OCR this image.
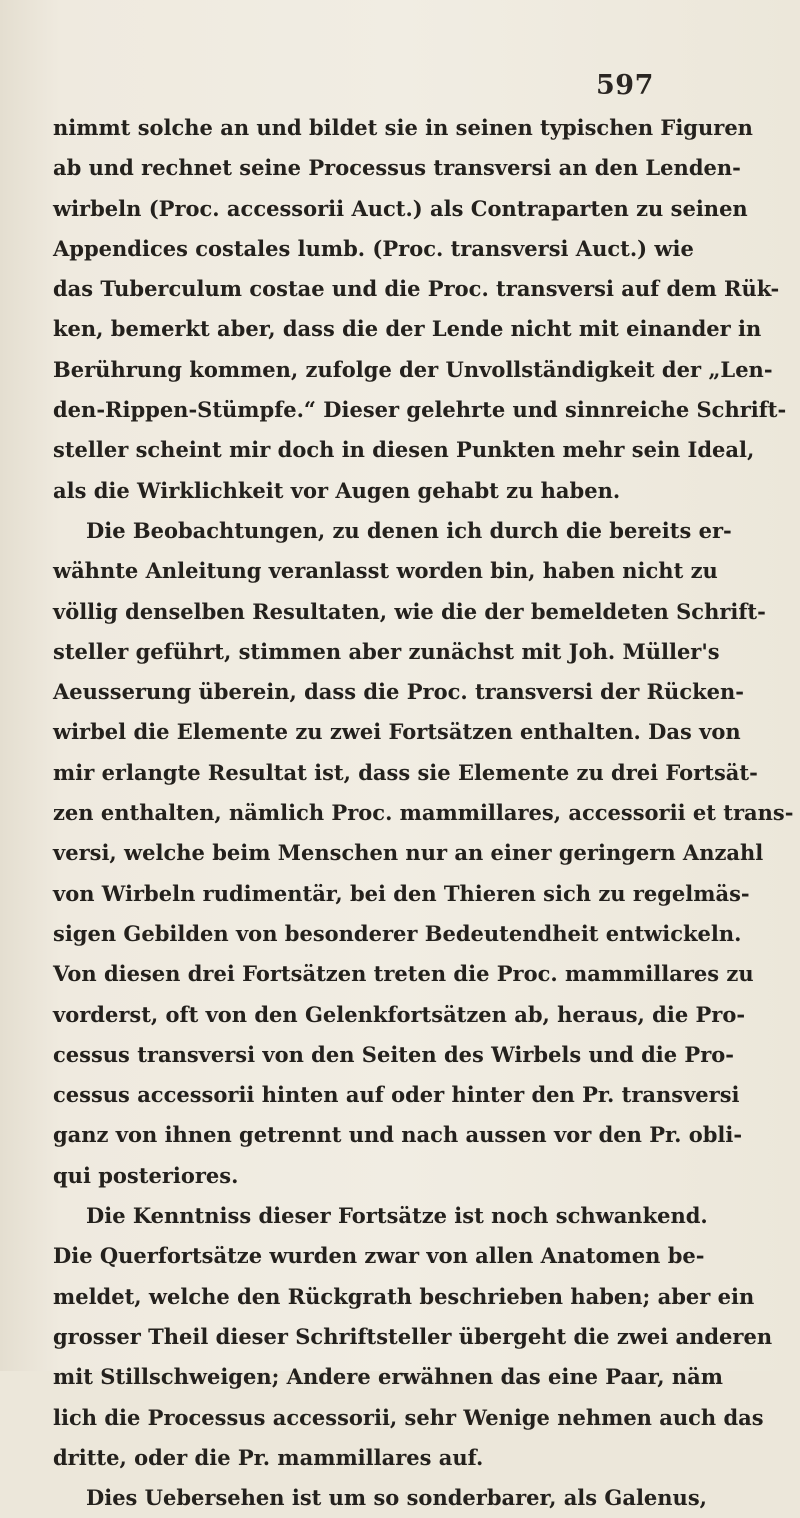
597
nimmt solche an und bildet sie in seinen typischen Figuren
ab und rechnet seine Processus transversi an den Lenden-
wirbeln (Proc. accessorii Auct.) als Contraparten zu seinen
Appendices costales lumb. (Proc. transversi Auct.) wie
das Tuberculum costae und die Proc. transversi auf dem Rük-
ken, bemerkt aber, dass die der Lende nicht mit einander in
Berührung kommen, zufolge der Unvollständigkeit der „Len-
den-Rippen-Stümpfe.“ Dieser gelehrte und sinnreiche Schrift-
steller scheint mir doch in diesen Punkten mehr sein Ideal,
als die Wirklichkeit vor Augen gehabt zu haben.
Die Beobachtungen, zu denen ich durch die bereits er-
wähnte Anleitung veranlasst worden bin, haben nicht zu
völlig denselben Resultaten, wie die der bemeldeten Schrift-
steller geführt, stimmen aber zunächst mit Joh. Müller's
Aeusserung überein, dass die Proc. transversi der Rücken-
wirbel die Elemente zu zwei Fortsätzen enthalten. Das von
mir erlangte Resultat ist, dass sie Elemente zu drei Fortsät-
zen enthalten, nämlich Proc. mammillares, accessorii et trans-
versi, welche beim Menschen nur an einer geringern Anzahl
von Wirbeln rudimentär, bei den Thieren sich zu regelmäs-
sigen Gebilden von besonderer Bedeutendheit entwickeln.
Von diesen drei Fortsätzen treten die Proc. mammillares zu
vorderst, oft von den Gelenkfortsätzen ab, heraus, die Pro-
cessus transversi von den Seiten des Wirbels und die Pro-
cessus accessorii hinten auf oder hinter den Pr. transversi
ganz von ihnen getrennt und nach aussen vor den Pr. obli-
qui posteriores.
Die Kenntniss dieser Fortsätze ist noch schwankend.
Die Querfortsätze wurden zwar von allen Anatomen be-
meldet, welche den Rückgrath beschrieben haben; aber ein
grosser Theil dieser Schriftsteller übergeht die zwei anderen
mit Stillschweigen; Andere erwähnen das eine Paar, näm
lich die Processus accessorii, sehr Wenige nehmen auch das
dritte, oder die Pr. mammillares auf.
Dies Uebersehen ist um so sonderbarer, als Galenus,
